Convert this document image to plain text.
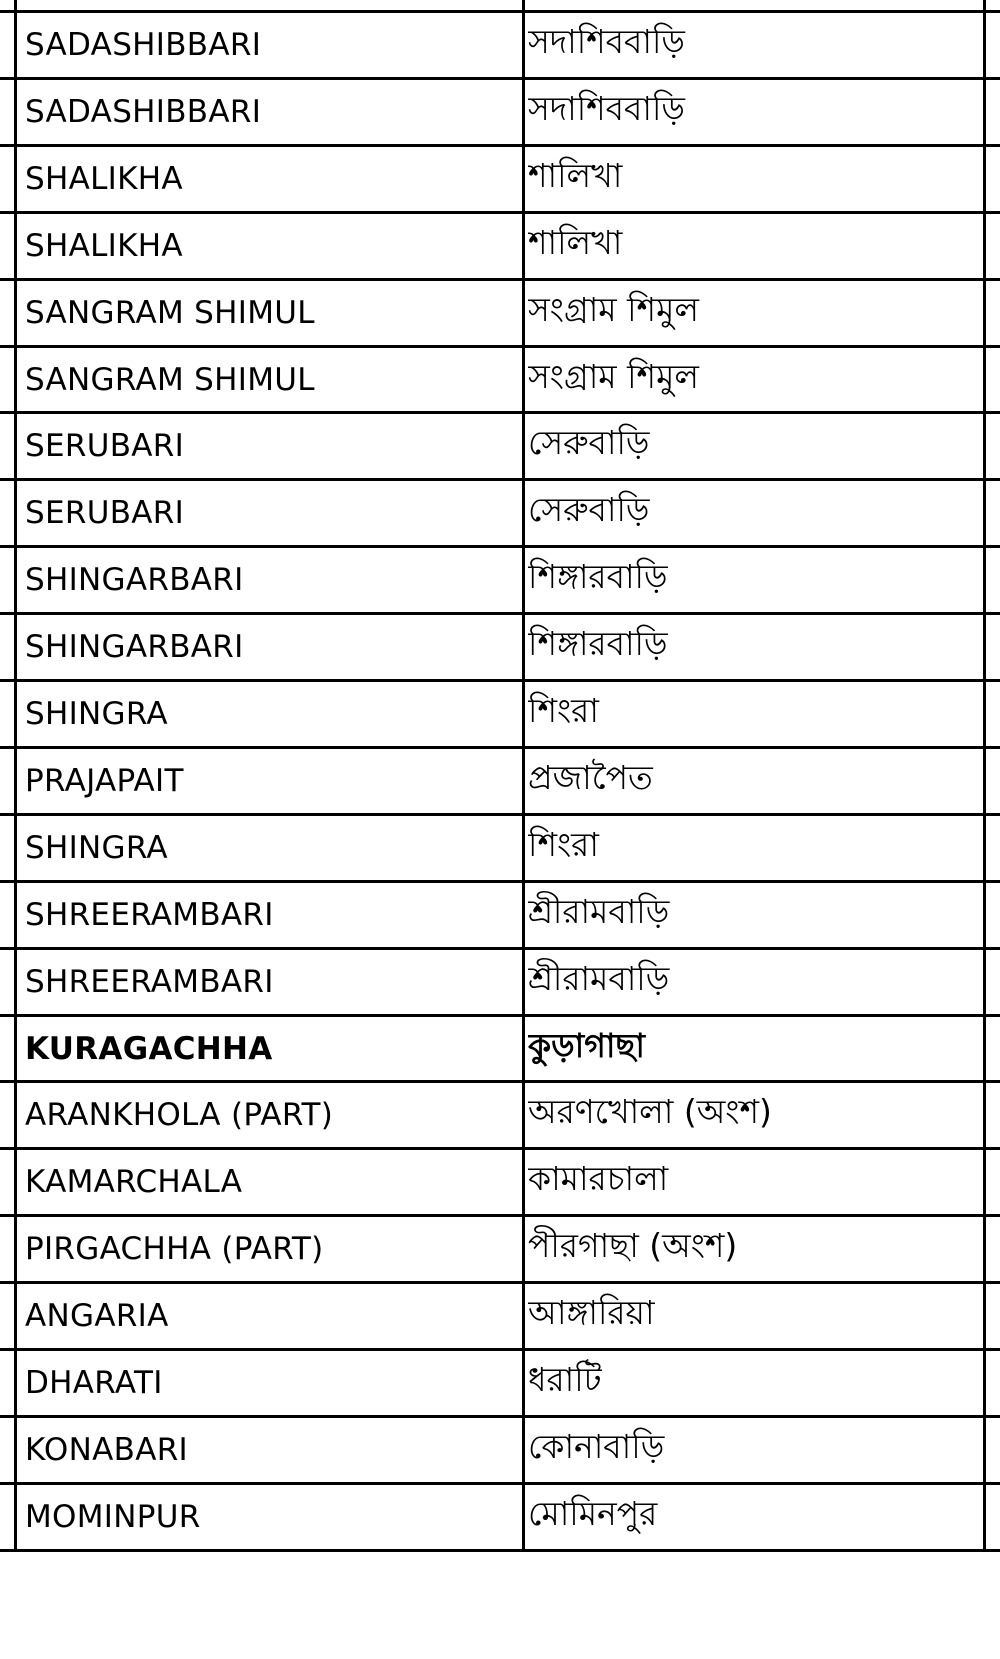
SADASHIBBARI	সদাশিববাড়ি
SADASHIBBARI	সদাশিববাড়ি
SHALIKHA	শালিখা
SHALIKHA	শালিখা
SANGRAM SHIMUL	সংগ্রাম শিমুল
SANGRAM SHIMUL	সংগ্রাম শিমুল
SERUBARI	সেরুবাড়ি
SERUBARI	সেরুবাড়ি
SHINGARBARI	শিঙ্গারবাড়ি
SHINGARBARI	শিঙ্গারবাড়ি
SHINGRA	শিংরা
PRAJAPAIT	প্রজাপৈত
SHINGRA	শিংরা
SHREERAMBARI	শ্রীরামবাড়ি
SHREERAMBARI	শ্রীরামবাড়ি
KURAGACHHA	কুড়াগাছা
ARANKHOLA (PART)	অরণখোলা (অংশ)
KAMARCHALA	কামারচালা
PIRGACHHA (PART)	পীরগাছা (অংশ)
ANGARIA	আঙ্গারিয়া
DHARATI	ধরাটি
KONABARI	কোনাবাড়ি
MOMINPUR	মোমিনপুর
